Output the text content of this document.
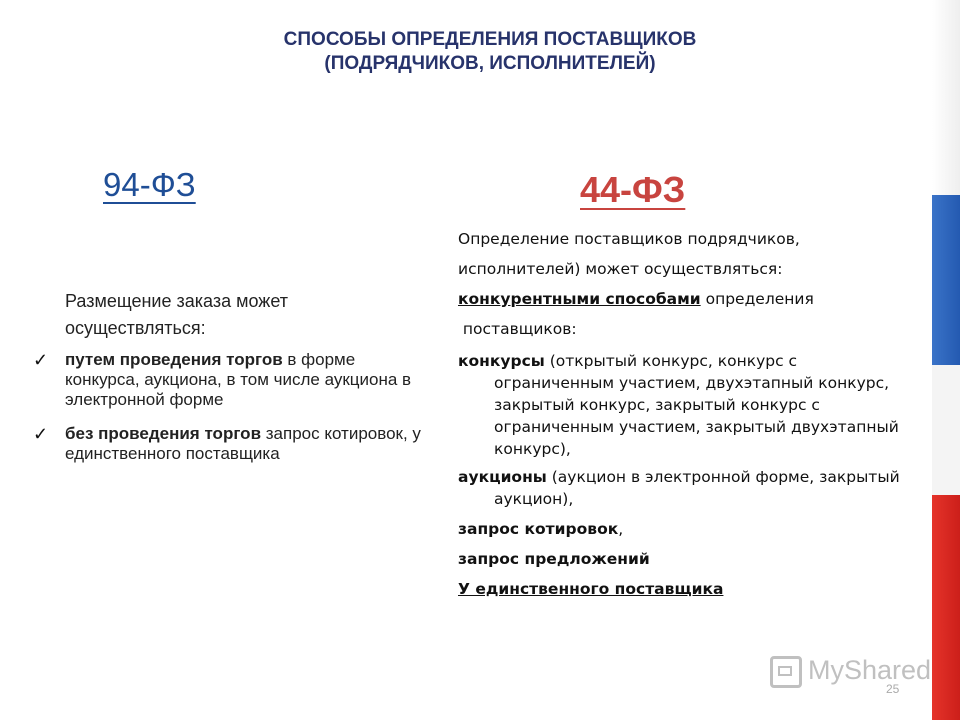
СПОСОБЫ ОПРЕДЕЛЕНИЯ ПОСТАВЩИКОВ
(ПОДРЯДЧИКОВ, ИСПОЛНИТЕЛЕЙ)
94-ФЗ
Размещение заказа может осуществляться:
✓ путем проведения торгов в форме конкурса, аукциона, в том числе аукциона в электронной форме
✓ без проведения торгов запрос котировок, у единственного поставщика
44-ФЗ

Определение поставщиков подрядчиков, исполнителей) может осуществляться:

конкурентными способами определения

поставщиков:

конкурсы (открытый конкурс, конкурс с ограниченным участием, двухэтапный конкурс, закрытый конкурс, закрытый конкурс с ограниченным участием, закрытый двухэтапный конкурс),

аукционы (аукцион в электронной форме, закрытый аукцион),

запрос котировок,

запрос предложений

У единственного поставщика

MyShared
25
